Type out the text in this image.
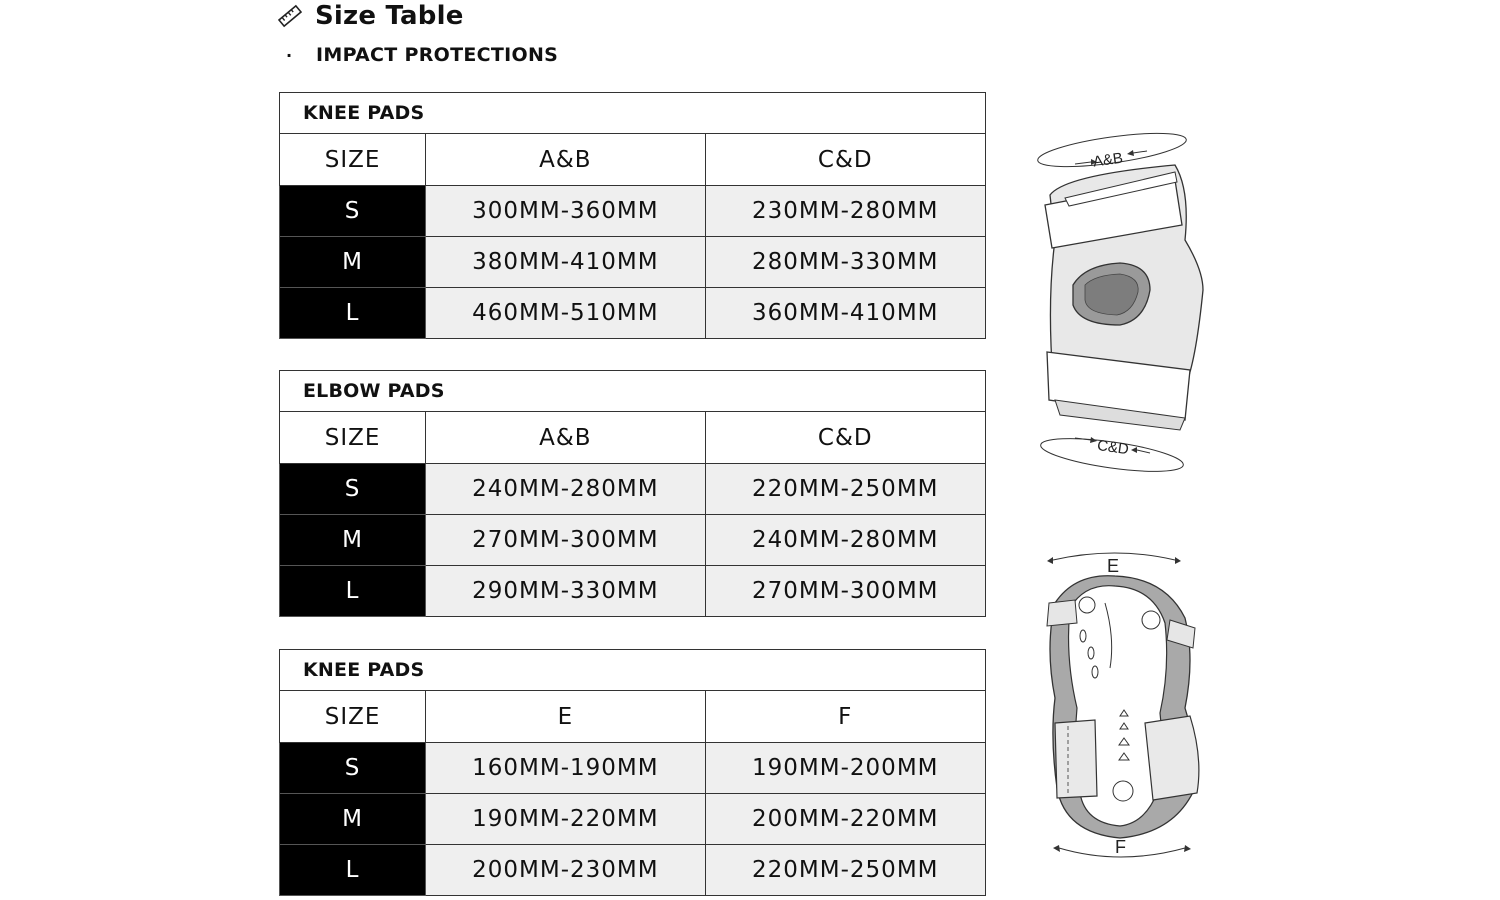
Size Table
·	IMPACT PROTECTIONS
KNEE PADS		
SIZE	A&B	C&D
S	300MM-360MM	230MM-280MM
M	380MM-410MM	280MM-330MM
L	460MM-510MM	360MM-410MM
ELBOW PADS		
SIZE	A&B	C&D
S	240MM-280MM	220MM-250MM
M	270MM-300MM	240MM-280MM
L	290MM-330MM	270MM-300MM
KNEE PADS		
SIZE	E	F
S	160MM-190MM	190MM-200MM
M	190MM-220MM	200MM-220MM
L	200MM-230MM	220MM-250MM
A&B
C&D
E
F
